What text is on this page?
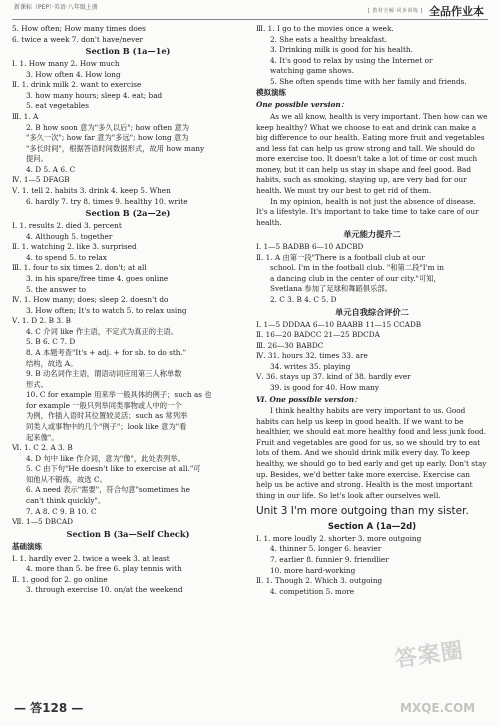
新课标（PEP）·英语·八年级上册
[ 教材全解·同步训练 ] 全品作业本
5. How often; How many times does
6. twice a week 7. don't have/never
Section B (1a—1e)
Ⅰ. 1. How many 2. How much
3. How often 4. How long
Ⅱ. 1. drink milk 2. want to exercise
3. how many hours; sleep 4. eat; bad
5. eat vegetables
Ⅲ. 1. A
2. B how soon 意为"多久以后"; how often 意为
"多久一次"; how far 意为"多远"; how long 意为
"多长时间"，根据答语时间数据形式，故用 how many
提问。
4. D 5. A 6. C
Ⅳ. 1—5 DFAGB
Ⅴ. 1. tell 2. habits 3. drink 4. keep 5. When
6. hardly 7. try 8. times 9. healthy 10. write
Section B (2a—2e)
Ⅰ. 1. results 2. died 3. percent
4. Although 5. together
Ⅱ. 1. watching 2. like 3. surprised
4. to spend 5. to relax
Ⅲ. 1. four to six times 2. don't; at all
3. in his spare/free time 4. goes online
5. the answer to
Ⅳ. 1. How many; does; sleep 2. doesn't do
3. How often; It's to watch 5. to relax using
Ⅴ. 1. D 2. B 3. B
4. C 介词 like 作主语，不定式为真正的主语。
5. B 6. C 7. D
8. A 本题考查"It's + adj. + for sb. to do sth."
结构，故选 A。
9. B 动名词作主语，谓语动词应用第三人称单数
形式。
10. C for example 用来举一般具体的例子；such as 也
for example 一般只列举同类事物或人中的一个
为例，作插入语时其位置较灵活；such as 常列举
同类人或事物中的几个"例子"；look like 意为"看
起来像"。
Ⅵ. 1. C 2. A 3. B
4. D 句中 like 作介词，意为"像"，此处表列举。
5. C 由下句"He doesn't like to exercise at all."可
知他从不锻炼，故选 C。
6. A need 表示"需要"，符合句意"sometimes he
can't think quickly"。
7. A 8. C 9. B 10. C
Ⅶ. 1—5 DBCAD
Section B (3a—Self Check)
基础演练
Ⅰ. 1. hardly ever 2. twice a week 3. at least
4. more than 5. be free 6. play tennis with
Ⅱ. 1. good for 2. go online
3. through exercise 10. on/at the weekend
Ⅲ. 1. I go to the movies once a week.
2. She eats a healthy breakfast.
3. Drinking milk is good for his health.
4. It's good to relax by using the Internet or
watching game shows.
5. She often spends time with her family and friends.
模拟演练
One possible version：
As we all know, health is very important. Then how can we keep healthy? What we choose to eat and drink can make a big difference to our health. Eating more fruit and vegetables and less fat can help us grow strong and tall. We should do more exercise too. It doesn't take a lot of time or cost much money, but it can help us stay in shape and feel good. Bad habits, such as smoking, staying up, are very bad for our health. We must try our best to get rid of them.
In my opinion, health is not just the absence of disease. It's a lifestyle. It's important to take time to take care of our health.
单元能力提升二
Ⅰ. 1—5 BADBB 6—10 ADCBD
Ⅱ. 1. A 由第一段"There is a football club at our
school. I'm in the football club. "和第二段"I'm in
a dancing club in the center of our city."可知，
Svetlana 参加了足球和舞蹈俱乐部。
2. C 3. B 4. C 5. D
单元自我综合评价二
Ⅰ. 1—5 DDDAA 6—10 BAABB 11—15 CCADB
Ⅱ. 16—20 BADCC 21—25 BDCDA
Ⅲ. 26—30 BABDC
Ⅳ. 31. hours 32. times 33. are
34. writes 35. playing
Ⅴ. 36. stays up 37. kind of 38. hardly ever
39. is good for 40. How many
Ⅵ. One possible version：
I think healthy habits are very important to us. Good habits can help us keep in good health. If we want to be healthier, we should eat more healthy food and less junk food. Fruit and vegetables are good for us, so we should try to eat lots of them. And we should drink milk every day. To keep healthy, we should go to bed early and get up early. Don't stay up. Besides, we'd better take more exercise. Exercise can help us be active and strong. Health is the most important thing in our life. So let's look after ourselves well.
Unit 3 I'm more outgoing than my sister.
Section A (1a—2d)
Ⅰ. 1. more loudly 2. shorter 3. more outgoing
4. thinner 5. longer 6. heavier
7. earlier 8. funnier 9. friendlier
10. more hard-working
Ⅱ. 1. Though 2. Which 3. outgoing
4. competition 5. more
— 答128 —
答案圈
MXQE.COM
